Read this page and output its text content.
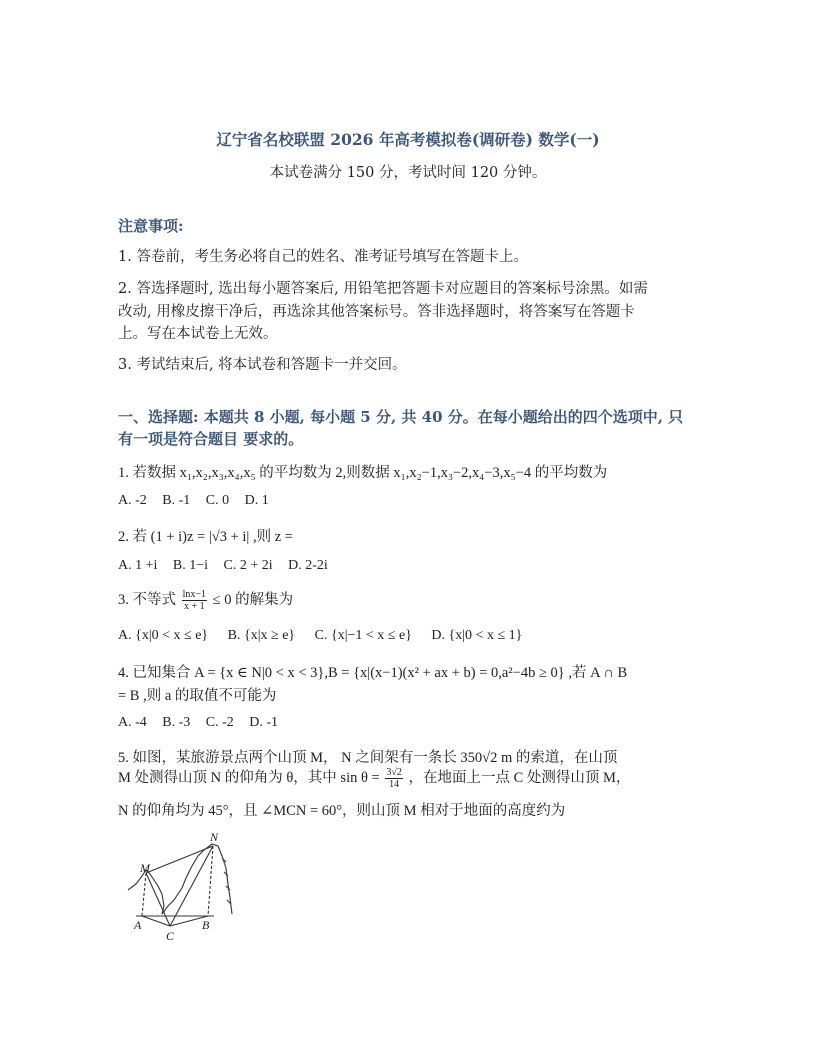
辽宁省名校联盟 2026 年高考模拟卷(调研卷) 数学(一)
本试卷满分 150 分，考试时间 120 分钟。
注意事项:
1. 答卷前，考生务必将自己的姓名、准考证号填写在答题卡上。
2. 答选择题时, 选出每小题答案后, 用铅笔把答题卡对应题目的答案标号涂黑。如需
改动, 用橡皮擦干净后，再选涂其他答案标号。答非选择题时，将答案写在答题卡
上。写在本试卷上无效。
3. 考试结束后, 将本试卷和答题卡一并交回。
一、选择题: 本题共 8 小题, 每小题 5 分, 共 40 分。在每小题给出的四个选项中, 只
有一项是符合题目 要求的。
1. 若数据 x₁,x₂,x₃,x₄,x₅ 的平均数为 2,则数据 x₁,x₂−1,x₃−2,x₄−3,x₅−4 的平均数为
A. -2 B. -1 C. 0 D. 1
2. 若 (1 + i)z = |√3 + i| ,则 z =
A. 1 +i B. 1−i C. 2 + 2i D. 2-2i
3. 不等式 $\frac{\ln x-1}{x + 1} \le 0$ 的解集为
A. {x|0 < x ≤ e} B. {x|x ≥ e} C. {x|−1 < x ≤ e} D. {x|0 < x ≤ 1}
4. 已知集合 A = {x ∈ N|0 < x < 3},B = {x|(x−1)(x² + ax + b) = 0,a²−4b ≥ 0} ,若 A ∩ B
= B ,则 a 的取值不可能为
A. -4 B. -3 C. -2 D. -1
5. 如图，某旅游景点两个山顶 M， N 之间架有一条长 350√2 m 的索道，在山顶
M 处测得山顶 N 的仰角为 θ，其中 $\sin \theta = \frac{3√2}{14}$ ，在地面上一点 C 处测得山顶 M，
N 的仰角均为 45°，且 ∠MCN = 60°，则山顶 M 相对于地面的高度约为
M
N
A
C
B
